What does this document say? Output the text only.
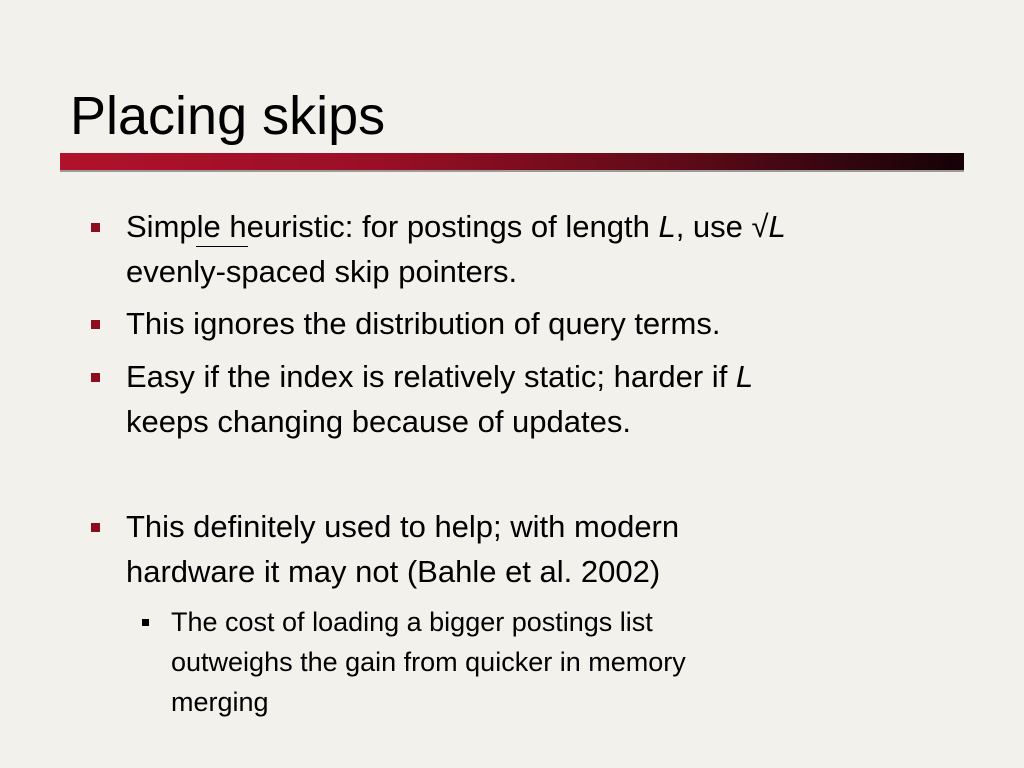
Placing skips
Simple heuristic: for postings of length L, use √L
evenly-spaced skip pointers.
This ignores the distribution of query terms.
Easy if the index is relatively static; harder if L
keeps changing because of updates.
This definitely used to help; with modern
hardware it may not (Bahle et al. 2002)
The cost of loading a bigger postings list
outweighs the gain from quicker in memory
merging
